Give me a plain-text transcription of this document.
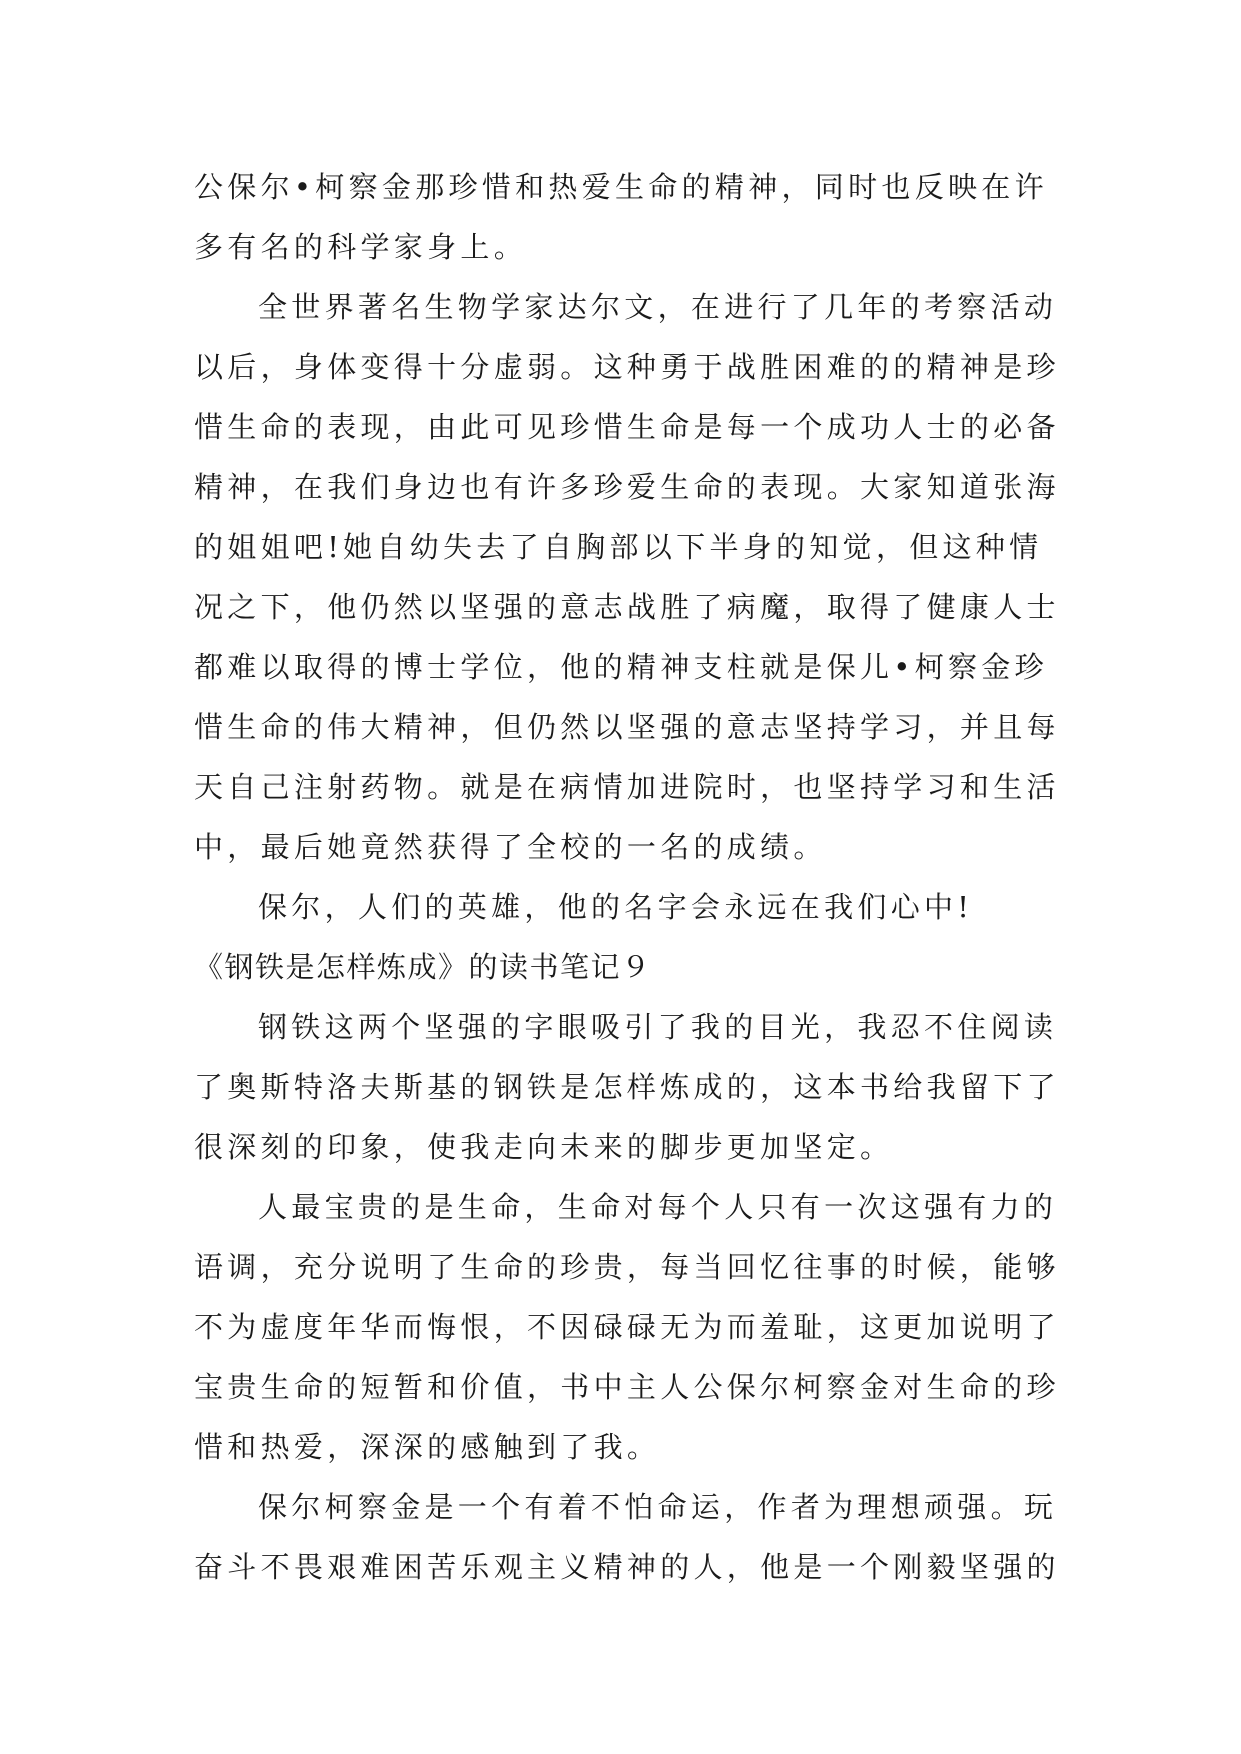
公保尔•柯察金那珍惜和热爱生命的精神，同时也反映在许
多有名的科学家身上。
全世界著名生物学家达尔文，在进行了几年的考察活动
以后，身体变得十分虚弱。这种勇于战胜困难的的精神是珍
惜生命的表现，由此可见珍惜生命是每一个成功人士的必备
精神，在我们身边也有许多珍爱生命的表现。大家知道张海
的姐姐吧!她自幼失去了自胸部以下半身的知觉，但这种情
况之下，他仍然以坚强的意志战胜了病魔，取得了健康人士
都难以取得的博士学位，他的精神支柱就是保儿•柯察金珍
惜生命的伟大精神，但仍然以坚强的意志坚持学习，并且每
天自己注射药物。就是在病情加进院时，也坚持学习和生活
中，最后她竟然获得了全校的一名的成绩。
保尔，人们的英雄，他的名字会永远在我们心中!
《钢铁是怎样炼成》的读书笔记９
钢铁这两个坚强的字眼吸引了我的目光，我忍不住阅读
了奥斯特洛夫斯基的钢铁是怎样炼成的，这本书给我留下了
很深刻的印象，使我走向未来的脚步更加坚定。
人最宝贵的是生命，生命对每个人只有一次这强有力的
语调，充分说明了生命的珍贵，每当回忆往事的时候，能够
不为虚度年华而悔恨，不因碌碌无为而羞耻，这更加说明了
宝贵生命的短暂和价值，书中主人公保尔柯察金对生命的珍
惜和热爱，深深的感触到了我。
保尔柯察金是一个有着不怕命运，作者为理想顽强。玩
奋斗不畏艰难困苦乐观主义精神的人，他是一个刚毅坚强的
